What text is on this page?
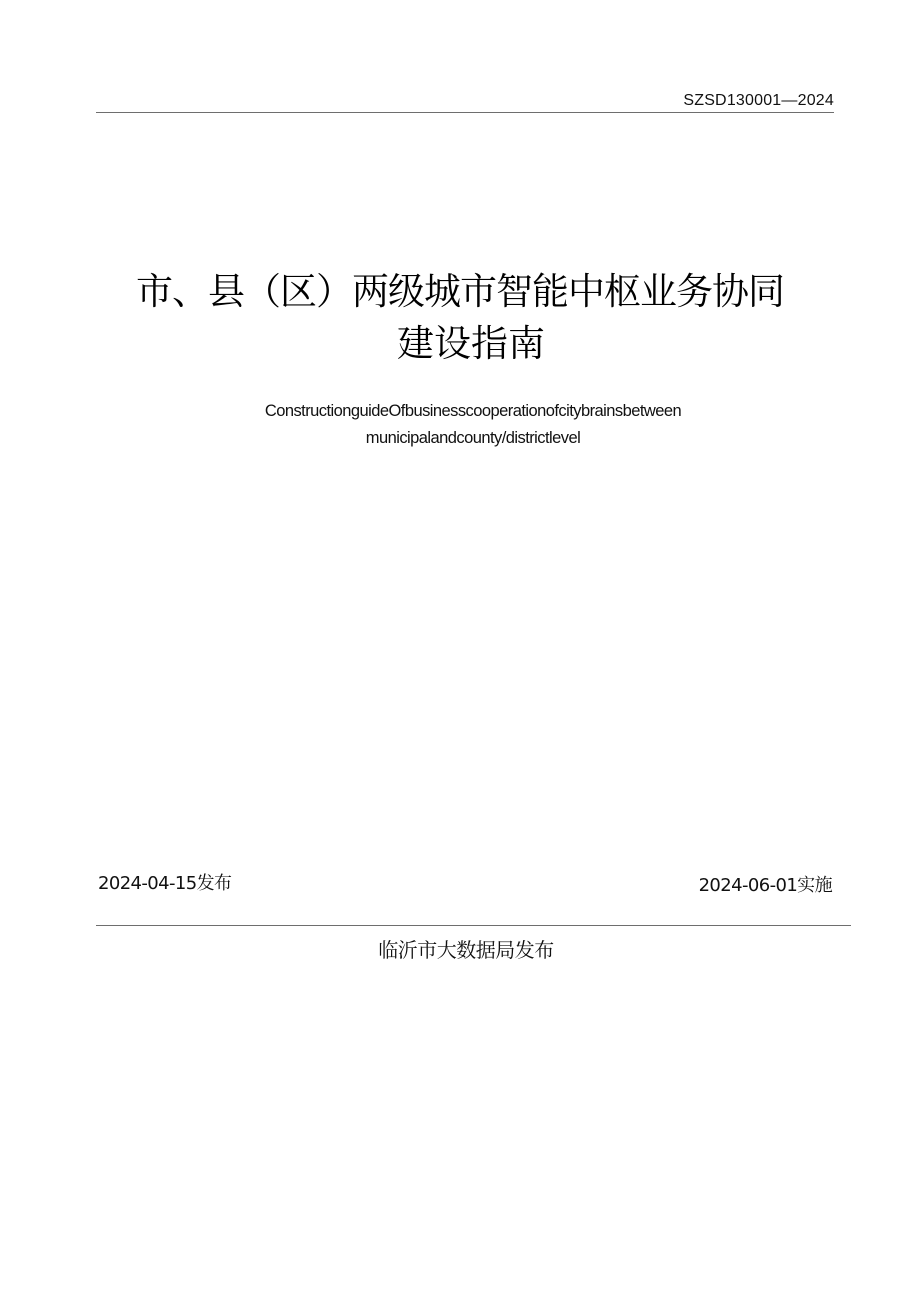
SZSD130001—2024
市、县（区）两级城市智能中枢业务协同
建设指南
ConstructionguideOfbusinesscooperationofcitybrainsbetween
municipalandcounty/districtlevel
2024-04-15发布	2024-06-01实施
临沂市大数据局发布
